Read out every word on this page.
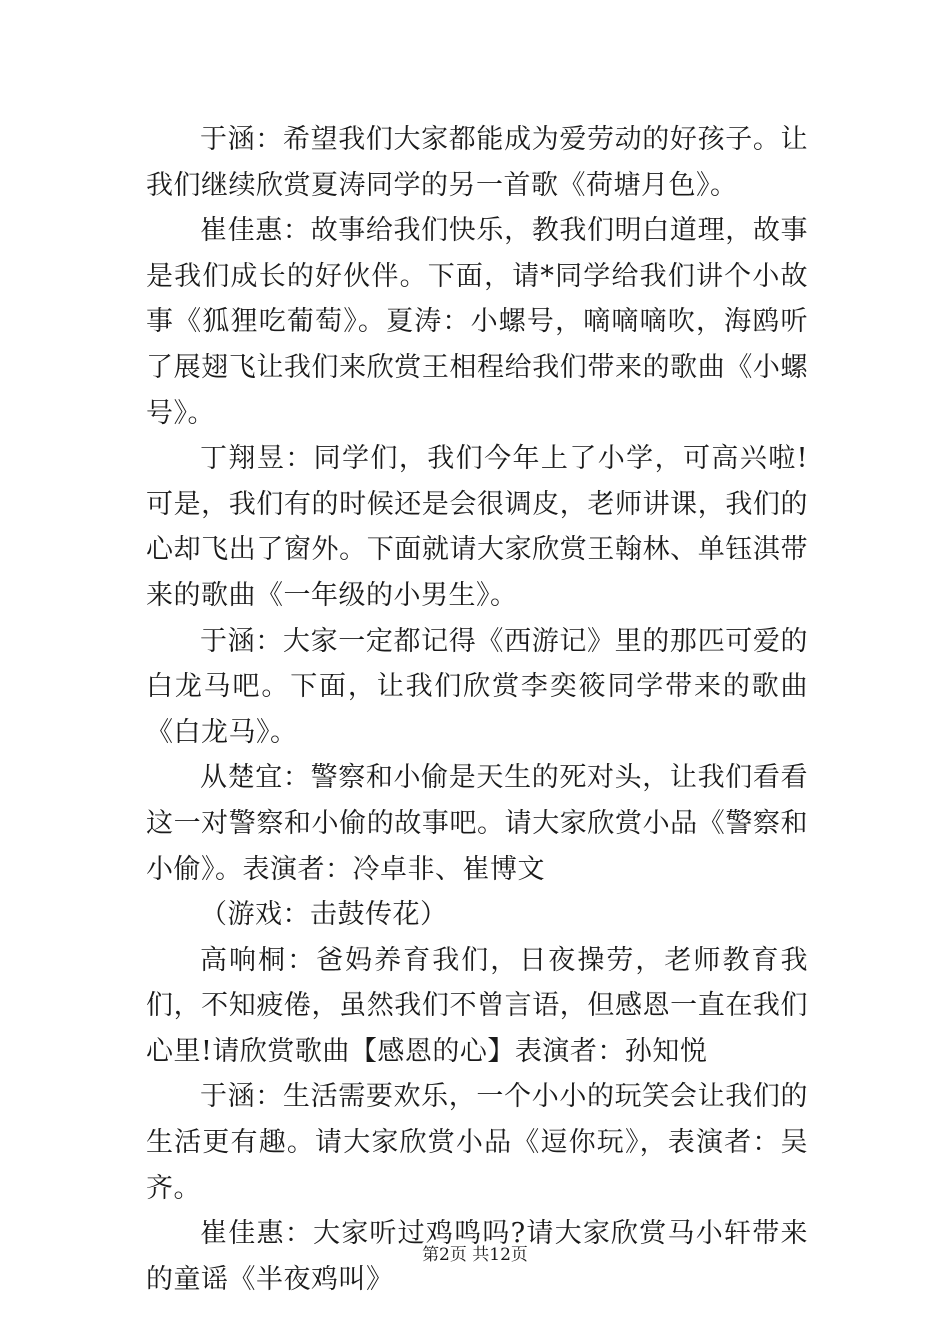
于涵：希望我们大家都能成为爱劳动的好孩子。让我们继续欣赏夏涛同学的另一首歌《荷塘月色》。

崔佳惠：故事给我们快乐，教我们明白道理，故事是我们成长的好伙伴。下面，请*同学给我们讲个小故事《狐狸吃葡萄》。夏涛：小螺号，嘀嘀嘀吹，海鸥听了展翅飞让我们来欣赏王相程给我们带来的歌曲《小螺号》。

丁翔昱：同学们，我们今年上了小学，可高兴啦!可是，我们有的时候还是会很调皮，老师讲课，我们的心却飞出了窗外。下面就请大家欣赏王翰林、单钰淇带来的歌曲《一年级的小男生》。

于涵：大家一定都记得《西游记》里的那匹可爱的白龙马吧。下面，让我们欣赏李奕筱同学带来的歌曲《白龙马》。

从楚宜：警察和小偷是天生的死对头，让我们看看这一对警察和小偷的故事吧。请大家欣赏小品《警察和小偷》。表演者：冷卓非、崔博文

（游戏：击鼓传花）

高响桐：爸妈养育我们，日夜操劳，老师教育我们，不知疲倦，虽然我们不曾言语，但感恩一直在我们心里!请欣赏歌曲【感恩的心】表演者：孙知悦

于涵：生活需要欢乐，一个小小的玩笑会让我们的生活更有趣。请大家欣赏小品《逗你玩》，表演者：吴齐。

崔佳惠：大家听过鸡鸣吗?请大家欣赏马小轩带来的童谣《半夜鸡叫》

第2页 共12页
